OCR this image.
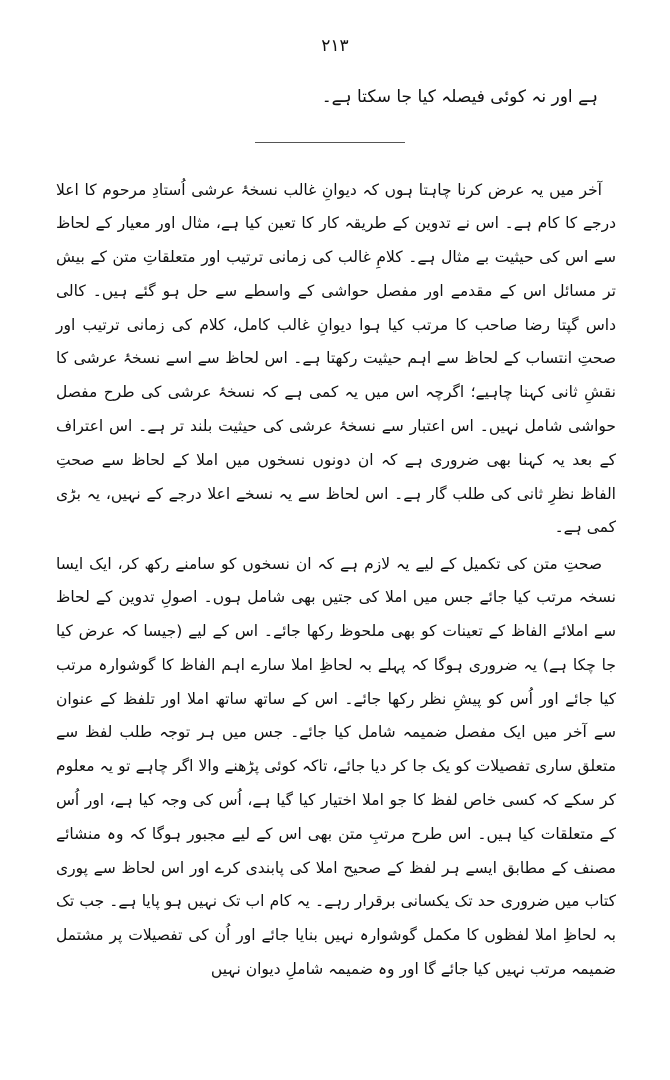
۲۱۳
ہے اور نہ کوئی فیصلہ کیا جا سکتا ہے۔

آخر میں یہ عرض کرنا چاہتا ہوں کہ دیوانِ غالب نسخۂ عرشی اُستادِ مرحوم کا اعلا درجے کا کام ہے۔ اس نے تدوین کے طریقہ کار کا تعین کیا ہے، مثال اور معیار کے لحاظ سے اس کی حیثیت بے مثال ہے۔ کلامِ غالب کی زمانی ترتیب اور متعلقاتِ متن کے بیش تر مسائل اس کے مقدمے اور مفصل حواشی کے واسطے سے حل ہو گئے ہیں۔ کالی داس گپتا رضا صاحب کا مرتب کیا ہوا دیوانِ غالب کامل، کلام کی زمانی ترتیب اور صحتِ انتساب کے لحاظ سے اہم حیثیت رکھتا ہے۔ اس لحاظ سے اسے نسخۂ عرشی کا نقشِ ثانی کہنا چاہیے؛ اگرچہ اس میں یہ کمی ہے کہ نسخۂ عرشی کی طرح مفصل حواشی شامل نہیں۔ اس اعتبار سے نسخۂ عرشی کی حیثیت بلند تر ہے۔ اس اعتراف کے بعد یہ کہنا بھی ضروری ہے کہ ان دونوں نسخوں میں املا کے لحاظ سے صحتِ الفاظ نظرِ ثانی کی طلب گار ہے۔ اس لحاظ سے یہ نسخے اعلا درجے کے نہیں، یہ بڑی کمی ہے۔

صحتِ متن کی تکمیل کے لیے یہ لازم ہے کہ ان نسخوں کو سامنے رکھ کر، ایک ایسا نسخہ مرتب کیا جائے جس میں املا کی جتیں بھی شامل ہوں۔ اصولِ تدوین کے لحاظ سے املائے الفاظ کے تعینات کو بھی ملحوظ رکھا جائے۔ اس کے لیے (جیسا کہ عرض کیا جا چکا ہے) یہ ضروری ہوگا کہ پہلے بہ لحاظِ املا سارے اہم الفاظ کا گوشوارہ مرتب کیا جائے اور اُس کو پیشِ نظر رکھا جائے۔ اس کے ساتھ ساتھ املا اور تلفظ کے عنوان سے آخر میں ایک مفصل ضمیمہ شامل کیا جائے۔ جس میں ہر توجہ طلب لفظ سے متعلق ساری تفصیلات کو یک جا کر دیا جائے، تاکہ کوئی پڑھنے والا اگر چاہے تو یہ معلوم کر سکے کہ کسی خاص لفظ کا جو املا اختیار کیا گیا ہے، اُس کی وجہ کیا ہے، اور اُس کے متعلقات کیا ہیں۔ اس طرح مرتبِ متن بھی اس کے لیے مجبور ہوگا کہ وہ منشائے مصنف کے مطابق ایسے ہر لفظ کے صحیح املا کی پابندی کرے اور اس لحاظ سے پوری کتاب میں ضروری حد تک یکسانی برقرار رہے۔ یہ کام اب تک نہیں ہو پایا ہے۔ جب تک بہ لحاظِ املا لفظوں کا مکمل گوشوارہ نہیں بنایا جائے اور اُن کی تفصیلات پر مشتمل ضمیمہ مرتب نہیں کیا جائے گا اور وہ ضمیمہ شاملِ دیوان نہیں
